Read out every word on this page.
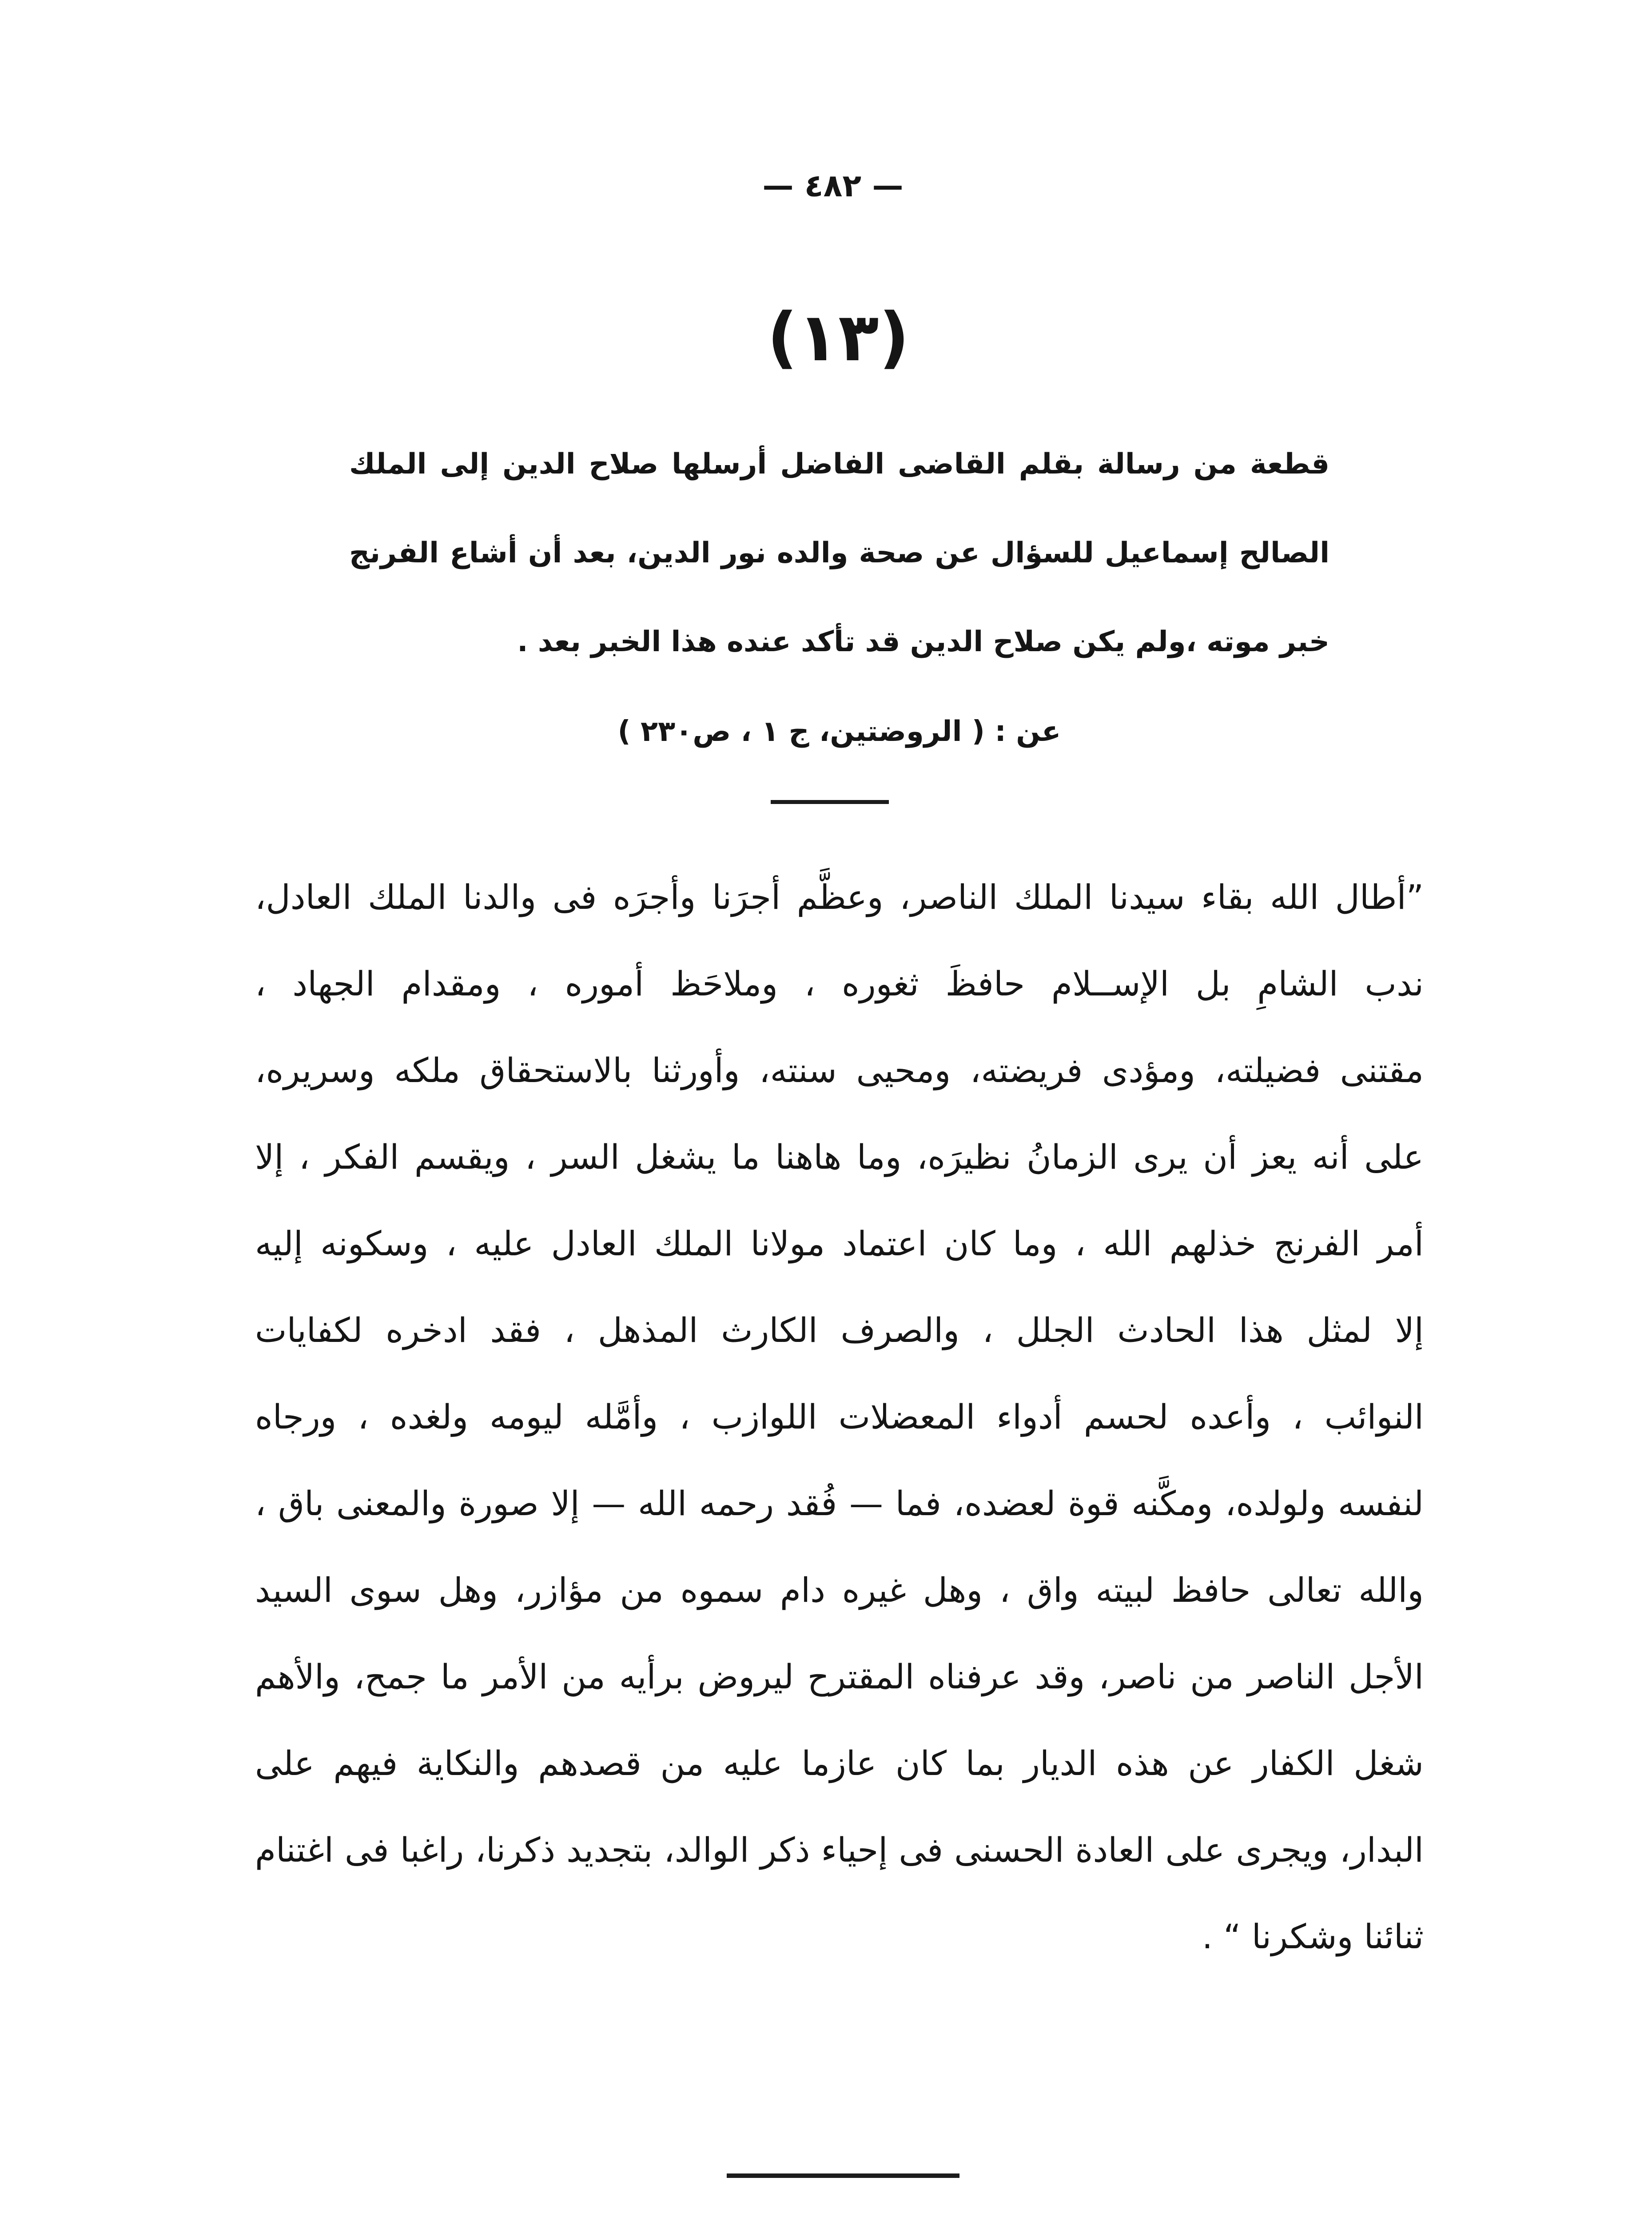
— ٤٨٢ —
(١٣)
قطعة من رسالة بقلم القاضى الفاضل أرسلها صلاح الدين إلى الملك
الصالح إسماعيل للسؤال عن صحة والده نور الدين، بعد أن أشاع الفرنج
خبر موته ،ولم يكن صلاح الدين قد تأكد عنده هذا الخبر بعد .
عن : ( الروضتين، ج ١ ، ص٢٣٠ )
”أطال الله بقاء سيدنا الملك الناصر، وعظَّم أجرَنا وأجرَه فى والدنا الملك العادل،
ندب الشامِ بل الإســلام حافظَ ثغوره ، وملاحَظ أموره ، ومقدام الجهاد ،
مقتنى فضيلته، ومؤدى فريضته، ومحيى سنته، وأورثنا بالاستحقاق ملكه وسريره،
على أنه يعز أن يرى الزمانُ نظيرَه، وما هاهنا ما يشغل السر ، ويقسم الفكر ، إلا
أمر الفرنج خذلهم الله ، وما كان اعتماد مولانا الملك العادل عليه ، وسكونه إليه
إلا لمثل هذا الحادث الجلل ، والصرف الكارث المذهل ، فقد ادخره لكفايات
النوائب ، وأعده لحسم أدواء المعضلات اللوازب ، وأمَّله ليومه ولغده ، ورجاه
لنفسه ولولده، ومكَّنه قوة لعضده، فما — فُقد رحمه الله — إلا صورة والمعنى باق ،
والله تعالى حافظ لبيته واق ، وهل غيره دام سموه من مؤازر، وهل سوى السيد
الأجل الناصر من ناصر، وقد عرفناه المقترح ليروض برأيه من الأمر ما جمح، والأهم
شغل الكفار عن هذه الديار بما كان عازما عليه من قصدهم والنكاية فيهم على
البدار، ويجرى على العادة الحسنى فى إحياء ذكر الوالد، بتجديد ذكرنا، راغبا فى اغتنام
ثنائنا وشكرنا “ .
